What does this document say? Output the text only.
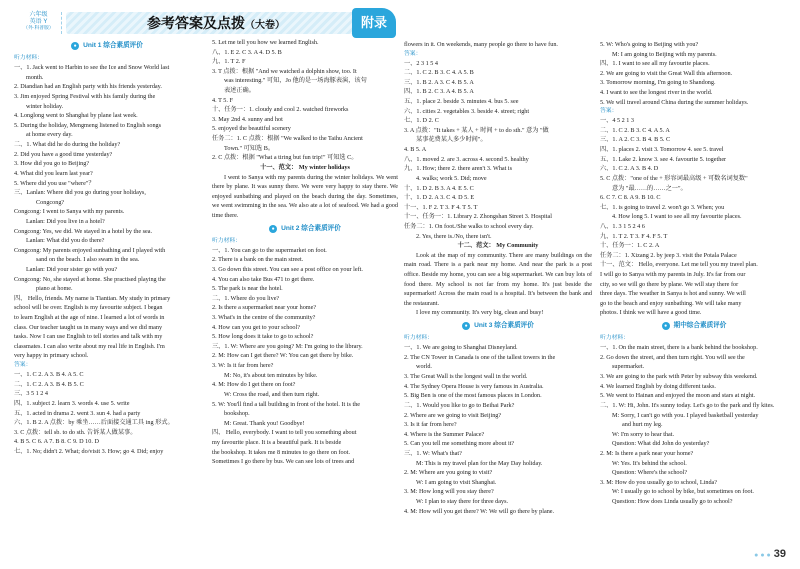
六年级
英语 Y
（外·科普版）	参考答案及点拨（大卷）	附录
● Unit 1 综合素质评价
听力材料：
一、1. Jack went to Harbin to see the Ice and Snow World last
month.
2. Diandian had an English party with his friends yesterday.
3. Jim enjoyed Spring Festival with his family during the
winter holiday.
4. Longlong went to Shanghai by plane last week.
5. During the holiday, Mengmeng listened to English songs
at home every day.
二、1. What did he do during the holiday?
2. Did you have a good time yesterday?
3. How did you go to Beijing?
4. What did you learn last year?
5. Where did you use "where"？
三、Lanlan: Where did you go during your holidays,
Congcong?
Congcong: I went to Sanya with my parents.
Lanlan: Did you live in a hotel?
Congcong: Yes, we did. We stayed in a hotel by the sea.
Lanlan: What did you do there?
Congcong: My parents enjoyed sunbathing and I played with
sand on the beach. I also swam in the sea.
Lanlan: Did your sister go with you?
Congcong: No, she stayed at home. She practised playing the
piano at home.
四、 Hello, friends. My name is Tiantian. My study in primary
school will be over. English is my favourite subject. I began
to learn English at the age of nine. I learned a lot of words in
class. Our teacher taught us in many ways and we did many
tasks. Now I can use English to tell stories and talk with my
classmates. I can also write about my real life in English. I'm
very happy in primary school.
答案：
一、1. C 2. A 3. B 4. A 5. C
二、1. C 2. A 3. B 4. B 5. C
三、3 5 1 2 4
四、1. subject 2. learn 3. words 4. use 5. write
五、1. acted in drama 2. went 3. sun 4. had a party
六、1. B 2. A 点拨：by 乘坐……后面接交通工具 ing 形式。
3. C 点拨：tell sb. to do sth. 告诉某人做某事。
4. B 5. C 6. A 7. B 8. C 9. D 10. D
七、1. No; didn't 2. What; do/visit 3. How; go 4. Did; enjoy
5. Let me tell you how we learned English.
八、1. E 2. C 3. A 4. D 5. B
九、1. T 2. F
3. T 点拨：根据 "And we watched a dolphin show, too. It
was interesting." 可知，Jo 他的是一场海豚表演，该句
表述正确。
4. T 5. F
十、任务一：1. cloudy and cool 2. watched fireworks
3. May 2nd 4. sunny and hot
5. enjoyed the beautiful scenery
任务二：1. C 点拨：根据 "We walked to the Taihu Ancient
Town." 可知选 B。
2. C 点拨：根据 "What a tiring but fun trip!" 可知选 C。
十一、范文： My winter holidays
I went to Sanya with my parents during the winter holidays. We went there by plane. It was sunny there. We were very happy to stay there. We enjoyed sunbathing and played on the beach during the day. Sometimes, we went swimming in the sea. We also ate a lot of seafood. We had a good time there.
● Unit 2 综合素质评价
听力材料：
一、1. You can go to the supermarket on foot.
2. There is a bank on the main street.
3. Go down this street. You can see a post office on your left.
4. You can also take Bus 471 to get there.
5. The park is near the hotel.
二、1. Where do you live?
2. Is there a supermarket near your home?
3. What's in the centre of the community?
4. How can you get to your school?
5. How long does it take to go to school?
三、1. W: Where are you going? M: I'm going to the library.
2. M: How can I get there? W: You can get there by bike.
3. W: Is it far from here?
M: No, it's about ten minutes by bike.
4. M: How do I get there on foot?
W: Cross the road, and then turn right.
5. W: You'll find a tall building in front of the hotel. It is the
bookshop.
M: Great. Thank you! Goodbye!
四、 Hello, everybody. I want to tell you something about
my favourite place. It is a beautiful park. It is beside
the bookshop. It takes me 8 minutes to go there on foot.
Sometimes I go there by bus. We can see lots of trees and
flowers in it. On weekends, many people go there to have fun.
答案：
一、2 3 1 5 4
二、1. C 2. B 3. C 4. A 5. B
三、1. B 2. A 3. C 4. B 5. A
四、1. B 2. C 3. A 4. B 5. A
五、1. place 2. beside 3. minutes 4. bus 5. see
六、1. cities 2. vegetables 3. beside 4. street; right
七、1. D 2. C
3. A 点拨："It takes + 某人 + 时间 + to do sth." 意为 "做
某事花费某人多少时间"。
4. B 5. A
八、1. moved 2. are 3. across 4. second 5. healthy
九、1. How; there 2. there aren't 3. What is
4. walks; work 5. Did; move
十、1. D 2. B 3. A 4. E 5. C
十、1. D 2. A 3. C 4. D 5. E
十一、1. F 2. T 3. F 4. T 5. T
十一、任务一：1. Library 2. Zhongshan Street 3. Hospital
任务二：1. On foot./She walks to school every day.
2. Yes, there is./No, there isn't.
十二、范文： My Community
Look at the map of my community. There are many buildings on the main road. There is a park near my home. And near the park is a post office. Beside my home, you can see a big supermarket. We can buy lots of food there. My school is not far from my home. It's just beside the supermarket! Across the main road is a hospital. It's between the bank and the restaurant.
I love my community. It's very big, clean and busy!
● Unit 3 综合素质评价
听力材料：
一、1. We are going to Shanghai Disneyland.
2. The CN Tower in Canada is one of the tallest towers in the
world.
3. The Great Wall is the longest wall in the world.
4. The Sydney Opera House is very famous in Australia.
5. Big Ben is one of the most famous places in London.
二、1. Would you like to go to Beihai Park?
2. Where are we going to visit Beijing?
3. Is it far from here?
4. Where is the Summer Palace?
5. Can you tell me something more about it?
三、1. W: What's that?
M: This is my travel plan for the May Day holiday.
2. M: Where are you going to visit?
W: I am going to visit Shanghai.
3. M: How long will you stay there?
W: I plan to stay there for three days.
4. M: How will you get there? W: We will go there by plane.
5. W: Who's going to Beijing with you?
M: I am going to Beijing with my parents.
四、1. I want to see all my favourite places.
2. We are going to visit the Great Wall this afternoon.
3. Tomorrow morning, I'm going to Shandong.
4. I want to see the longest river in the world.
5. We will travel around China during the summer holidays.
答案：
一、4 5 2 1 3
二、1. C 2. B 3. C 4. A 5. A
三、1. A 2. C 3. B 4. B 5. C
四、1. places 2. visit 3. Tomorrow 4. see 5. travel
五、1. Lake 2. know 3. see 4. favourite 5. together
六、1. C 2. A 3. B 4. D
5. C 点拨："one of the + 形容词最高级 + 可数名词复数"
意为 "最……的……之一"。
6. C 7. C 8. A 9. B 10. C
七、1. is going to travel 2. won't go 3. When; you
4. How long 5. I want to see all my favourite places.
八、1. 3 1 5 2 4 6
九、1. T 2. T 3. F 4. F 5. T
十、任务一：1. C 2. A
任务二：1. Xizang 2. by jeep 3. visit the Potala Palace
十一、范文： Hello, everyone. Let me tell you my travel plan.
I will go to Sanya with my parents in July. It's far from our
city, so we will go there by plane. We will stay there for
three days. The weather in Sanya is hot and sunny. We will
go to the beach and enjoy sunbathing. We will take many
photos. I think we will have a good time.
● 期中综合素质评价
听力材料：
一、1. On the main street, there is a bank behind the bookshop.
2. Go down the street, and then turn right. You will see the
supermarket.
3. We are going to the park with Peter by subway this weekend.
4. We learned English by doing different tasks.
5. We went to Hainan and enjoyed the moon and stars at night.
二、1. W: Hi, John. It's sunny today. Let's go to the park and fly kites.
M: Sorry, I can't go with you. I played basketball yesterday
and hurt my leg.
W: I'm sorry to hear that.
Question: What did John do yesterday?
2. M: Is there a park near your home?
W: Yes. It's behind the school.
Question: Where's the school?
3. M: How do you usually go to school, Linda?
W: I usually go to school by bike, but sometimes on foot.
Question: How does Linda usually go to school?
● ● ● 39
